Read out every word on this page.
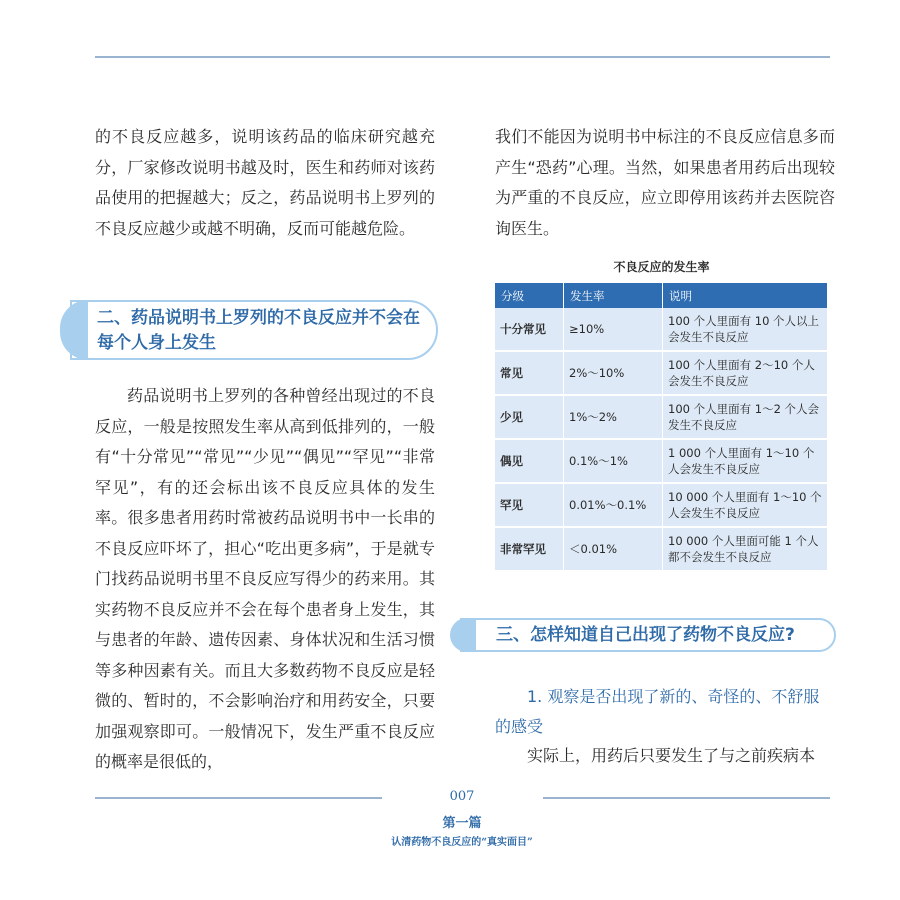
的不良反应越多，说明该药品的临床研究越充分，厂家修改说明书越及时，医生和药师对该药品使用的把握越大；反之，药品说明书上罗列的不良反应越少或越不明确，反而可能越危险。

二、药品说明书上罗列的不良反应并不会在每个人身上发生

药品说明书上罗列的各种曾经出现过的不良反应，一般是按照发生率从高到低排列的，一般有“十分常见”“常见”“少见”“偶见”“罕见”“非常罕见”，有的还会标出该不良反应具体的发生率。很多患者用药时常被药品说明书中一长串的不良反应吓坏了，担心“吃出更多病”，于是就专门找药品说明书里不良反应写得少的药来用。其实药物不良反应并不会在每个患者身上发生，其与患者的年龄、遗传因素、身体状况和生活习惯等多种因素有关。而且大多数药物不良反应是轻微的、暂时的，不会影响治疗和用药安全，只要加强观察即可。一般情况下，发生严重不良反应的概率是很低的，

我们不能因为说明书中标注的不良反应信息多而产生“恐药”心理。当然，如果患者用药后出现较为严重的不良反应，应立即停用该药并去医院咨询医生。

不良反应的发生率
分级	发生率	说明
十分常见	≥10%	100 个人里面有 10 个人以上会发生不良反应
常见	2%～10%	100 个人里面有 2～10 个人会发生不良反应
少见	1%～2%	100 个人里面有 1～2 个人会发生不良反应
偶见	0.1%～1%	1 000 个人里面有 1～10 个人会发生不良反应
罕见	0.01%～0.1%	10 000 个人里面有 1～10 个人会发生不良反应
非常罕见	＜0.01%	10 000 个人里面可能 1 个人都不会发生不良反应
三、怎样知道自己出现了药物不良反应?

1. 观察是否出现了新的、奇怪的、不舒服的感受

实际上，用药后只要发生了与之前疾病本

007
第一篇
认清药物不良反应的“真实面目”
